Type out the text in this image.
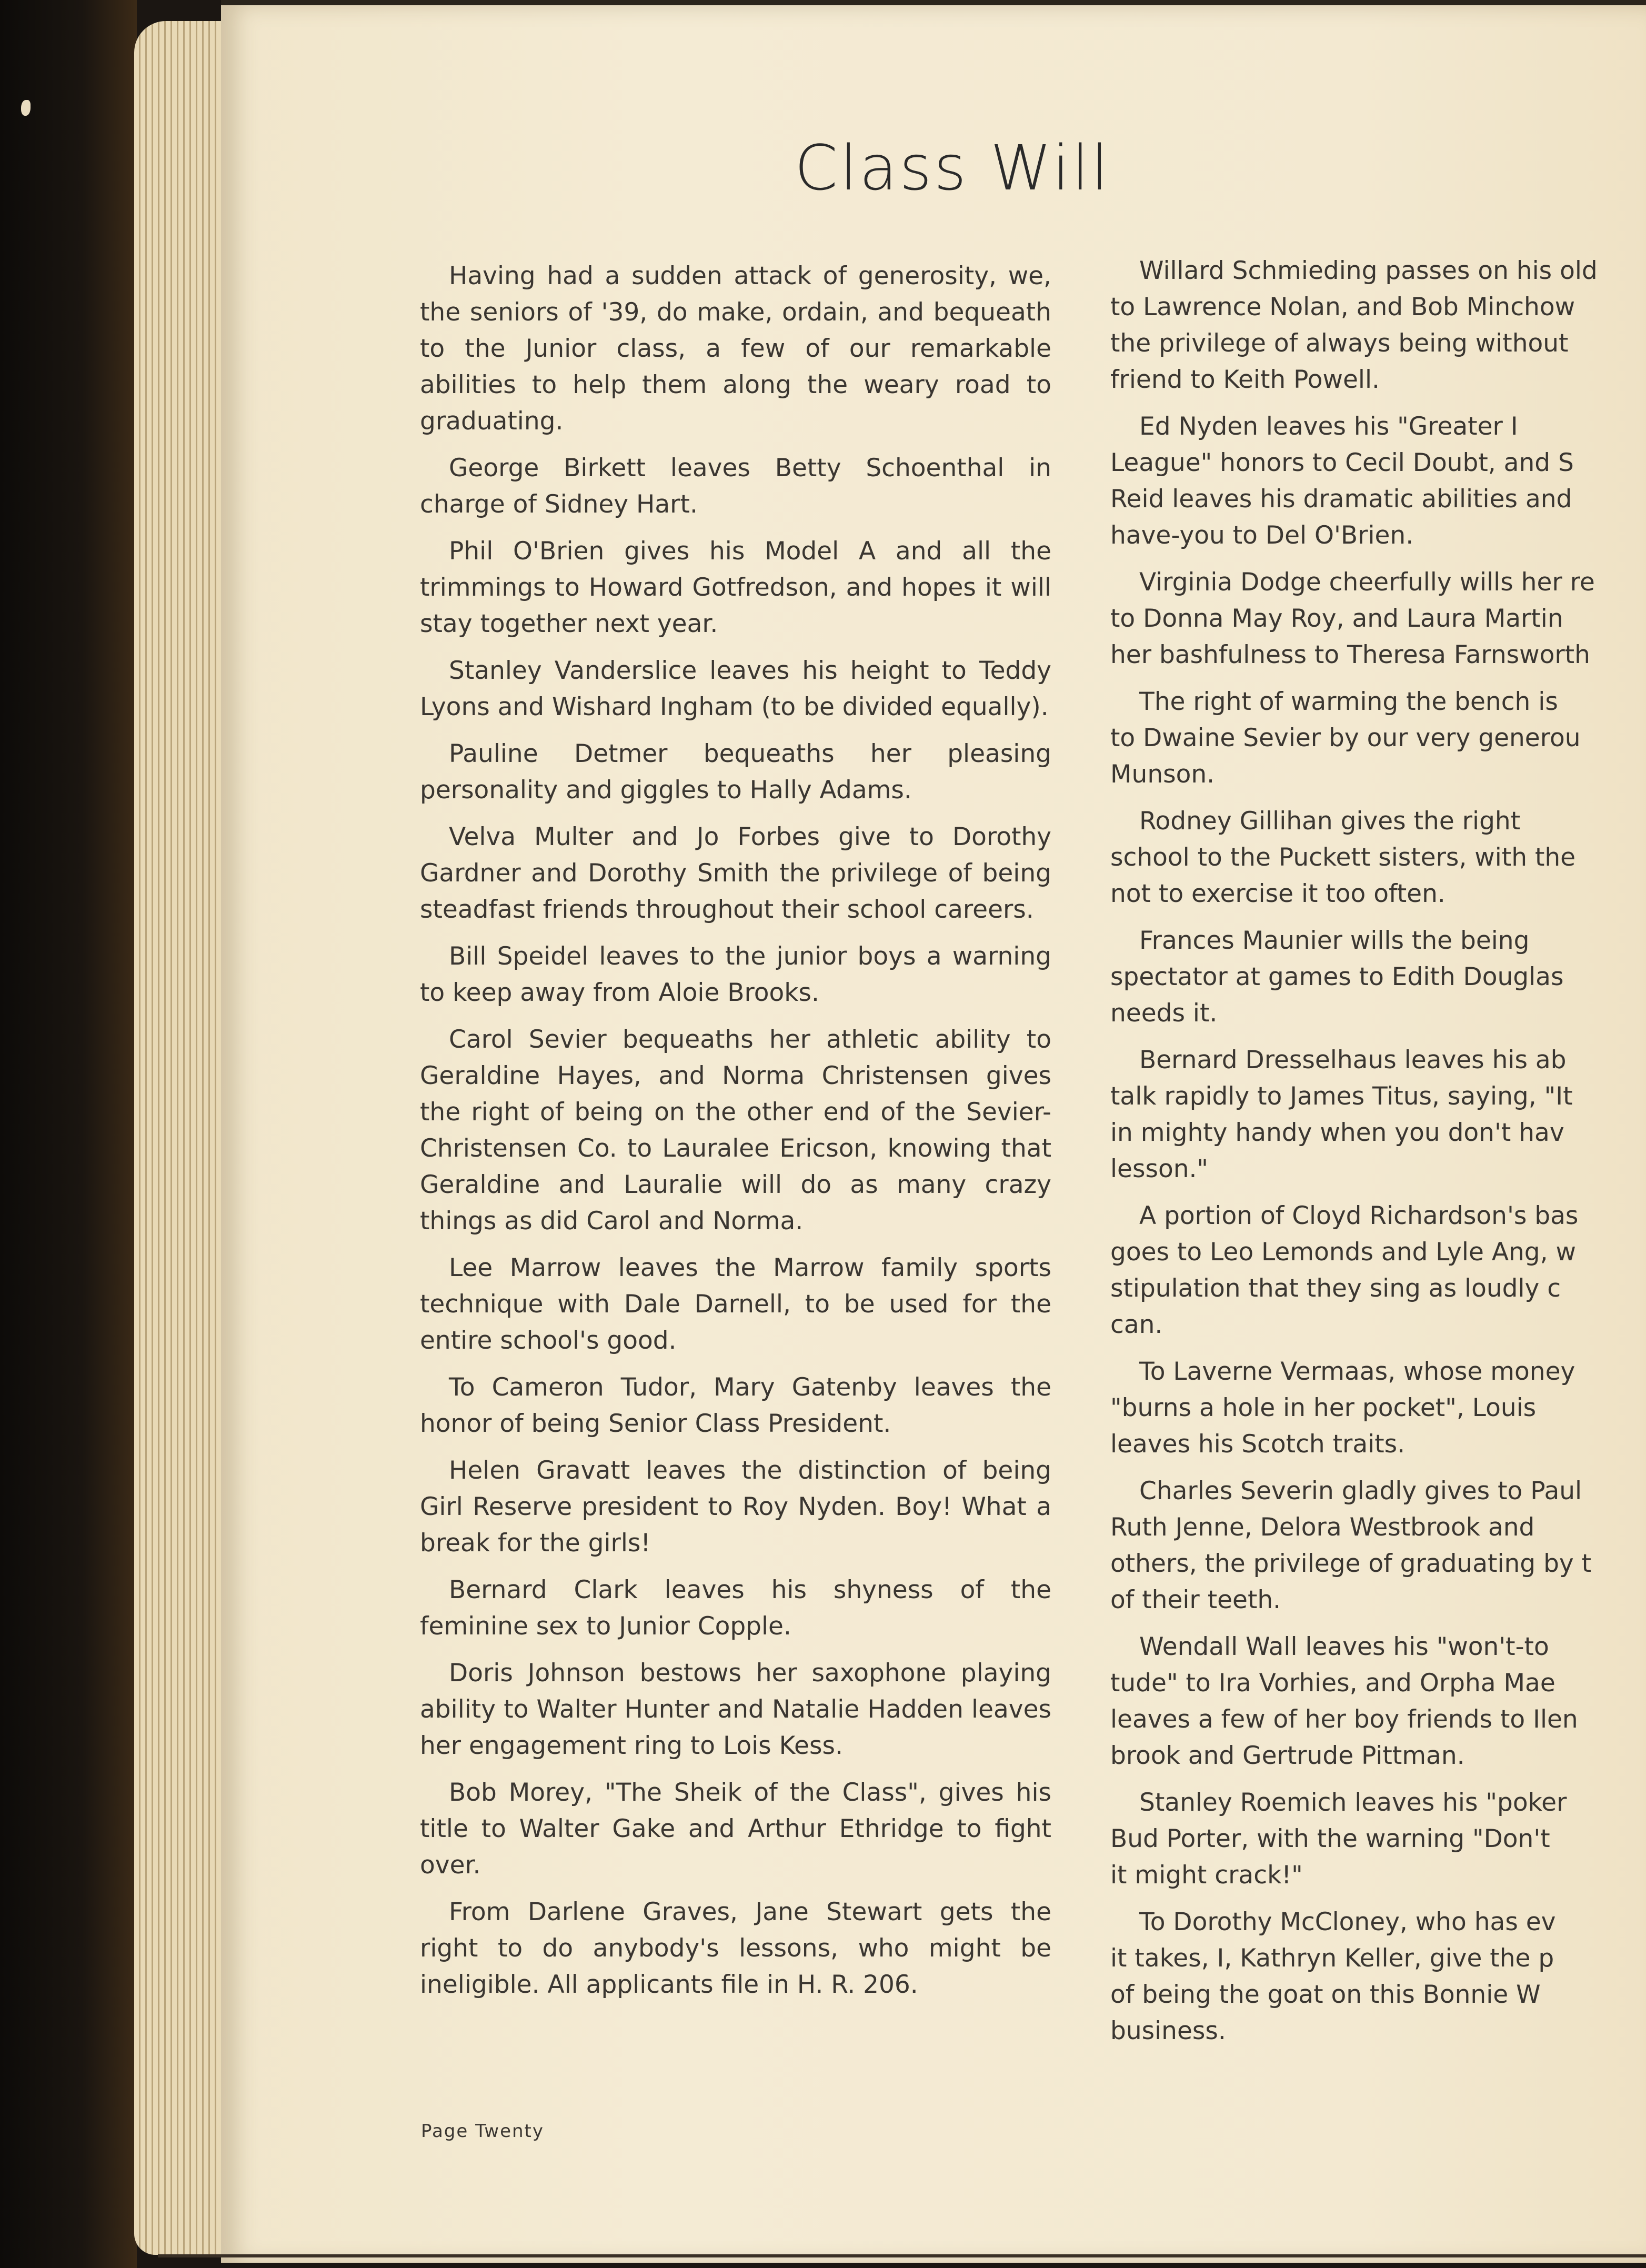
Class Will

Having had a sudden attack of generosity, we, the seniors of '39, do make, ordain, and bequeath to the Junior class, a few of our remarkable abilities to help them along the weary road to graduating.

George Birkett leaves Betty Schoenthal in charge of Sidney Hart.

Phil O'Brien gives his Model A and all the trimmings to Howard Gotfredson, and hopes it will stay together next year.

Stanley Vanderslice leaves his height to Teddy Lyons and Wishard Ingham (to be divided equally).

Pauline Detmer bequeaths her pleasing personality and giggles to Hally Adams.

Velva Multer and Jo Forbes give to Dorothy Gardner and Dorothy Smith the privilege of being steadfast friends throughout their school careers.

Bill Speidel leaves to the junior boys a warning to keep away from Aloie Brooks.

Carol Sevier bequeaths her athletic ability to Geraldine Hayes, and Norma Christensen gives the right of being on the other end of the Sevier-Christensen Co. to Lauralee Ericson, knowing that Geraldine and Lauralie will do as many crazy things as did Carol and Norma.

Lee Marrow leaves the Marrow family sports technique with Dale Darnell, to be used for the entire school's good.

To Cameron Tudor, Mary Gatenby leaves the honor of being Senior Class President.

Helen Gravatt leaves the distinction of being Girl Reserve president to Roy Nyden. Boy! What a break for the girls!

Bernard Clark leaves his shyness of the feminine sex to Junior Copple.

Doris Johnson bestows her saxophone playing ability to Walter Hunter and Natalie Hadden leaves her engagement ring to Lois Kess.

Bob Morey, "The Sheik of the Class", gives his title to Walter Gake and Arthur Ethridge to fight over.

From Darlene Graves, Jane Stewart gets the right to do anybody's lessons, who might be ineligible. All applicants file in H. R. 206.

Willard Schmieding passes on his old
to Lawrence Nolan, and Bob Minchow
the privilege of always being without
friend to Keith Powell.
Ed Nyden leaves his "Greater I
League" honors to Cecil Doubt, and S
Reid leaves his dramatic abilities and
have-you to Del O'Brien.
Virginia Dodge cheerfully wills her re
to Donna May Roy, and Laura Martin
her bashfulness to Theresa Farnsworth
The right of warming the bench is
to Dwaine Sevier by our very generou
Munson.
Rodney Gillihan gives the right
school to the Puckett sisters, with the
not to exercise it too often.
Frances Maunier wills the being
spectator at games to Edith Douglas
needs it.
Bernard Dresselhaus leaves his ab
talk rapidly to James Titus, saying, "It
in mighty handy when you don't hav
lesson."
A portion of Cloyd Richardson's bas
goes to Leo Lemonds and Lyle Ang, w
stipulation that they sing as loudly c
can.
To Laverne Vermaas, whose money
"burns a hole in her pocket", Louis
leaves his Scotch traits.
Charles Severin gladly gives to Paul
Ruth Jenne, Delora Westbrook and
others, the privilege of graduating by t
of their teeth.
Wendall Wall leaves his "won't-to
tude" to Ira Vorhies, and Orpha Mae
leaves a few of her boy friends to Ilen
brook and Gertrude Pittman.
Stanley Roemich leaves his "poker
Bud Porter, with the warning "Don't
it might crack!"
To Dorothy McCloney, who has ev
it takes, I, Kathryn Keller, give the p
of being the goat on this Bonnie W
business.
Page Twenty
